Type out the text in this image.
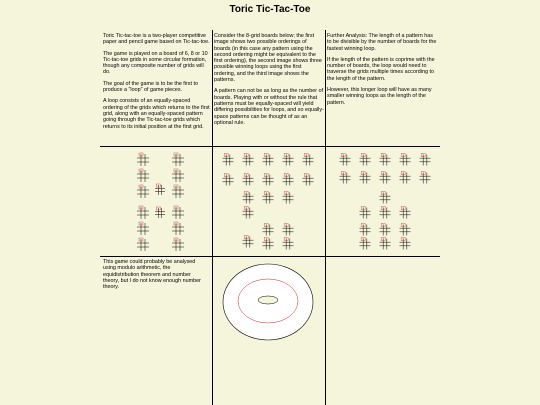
Toric Tic-Tac-Toe

Toric Tic-tac-toe is a two-player competitive paper and pencil game based on Tic-tac-toe.

The game is played on a board of 6, 8 or 10 Tic-tac-toe grids in some circular formation, though any composite number of grids will do.

The goal of the game is to be the first to produce a "loop" of game pieces.

A loop consists of an equally-spaced ordering of the grids which returns to the first grid, along with an equally-spaced pattern going through the Tic-tac-toe grids which returns to its initial position at the first grid.

Consider the 8-grid boards below; the first image shows two possible orderings of boards (in this case any pattern using the second ordering might be equivalent to the first ordering), the second image shows three possible winning loops using the first ordering, and the third image shows the patterns.

A pattern can not be as long as the number of boards. Playing with or without the rule that patterns must be equally-spaced will yield differing possibilities for loops, and so equally-space patterns can be thought of as an optional rule.

Further Analysis: The length of a pattern has to be divisible by the number of boards for the fastest winning loop.

If the length of the pattern is coprime with the number of boards, the loop would need to traverse the grids multiple times according to the length of the pattern.

However, this longer loop will have as many smaller winning loops as the length of the pattern.

This game could probably be analysed using modulo arithmetic, the equidistribution theorem and number theory, but I do not know enough number theory.
